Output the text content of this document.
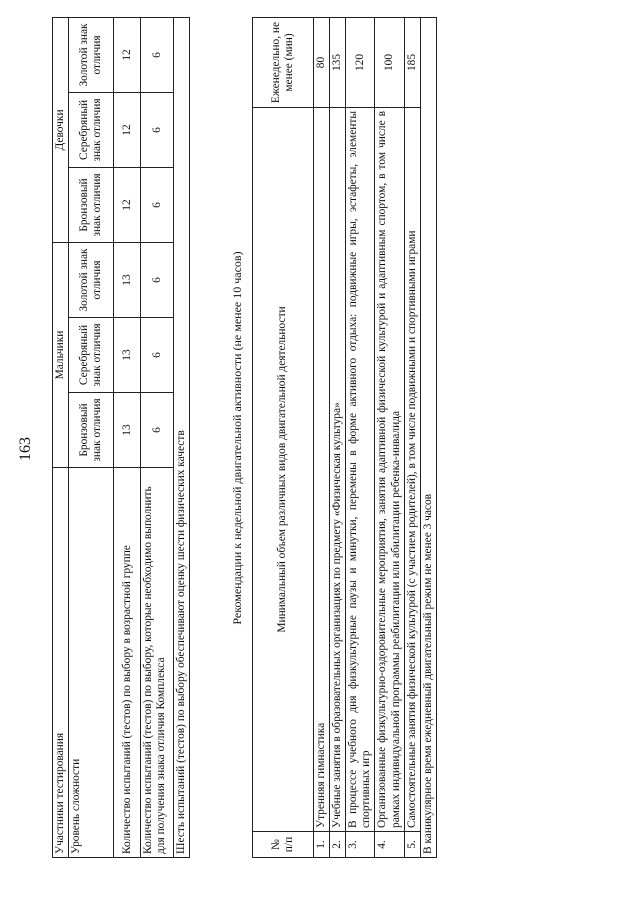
163
Участники тестирования	Мальчики			Девочки		
Уровень сложности	Бронзовый знак отличия	Серебряный знак отличия	Золотой знак отличия	Бронзовый знак отличия	Серебряный знак отличия	Золотой знак отличия
Количество испытаний (тестов) по выбору в возрастной группе	13	13	13	12	12	12
Количество испытаний (тестов) по выбору, которые необходимо выполнить для получения знака отличия Комплекса	6	6	6	6	6	6
Шесть испытаний (тестов) по выбору обеспечивают оценку шести физических качеств							Рекомендации к недельной двигательной активности (не менее 10 часов)
№ п/п	Минимальный объем различных видов двигательной деятельности	Еженедельно, не менее (мин)
1.	Утренняя гимнастика	80
2.	Учебные занятия в образовательных организациях по предмету «Физическая культура»	135
3.	В процессе учебного дня физкультурные паузы и минутки, перемены в форме активного отдыха: подвижные игры, эстафеты, элементы спортивных игр	120
4.	Организованные физкультурно-оздоровительные мероприятия, занятия адаптивной физической культурой и адаптивным спортом, в том числе в рамках индивидуальной программы реабилитации или абилитации ребенка-инвалида	100
5.	Самостоятельные занятия физической культурой (с участием родителей), в том числе подвижными и спортивными играми	185
В каникулярное время ежедневный двигательный режим не менее 3 часов		
